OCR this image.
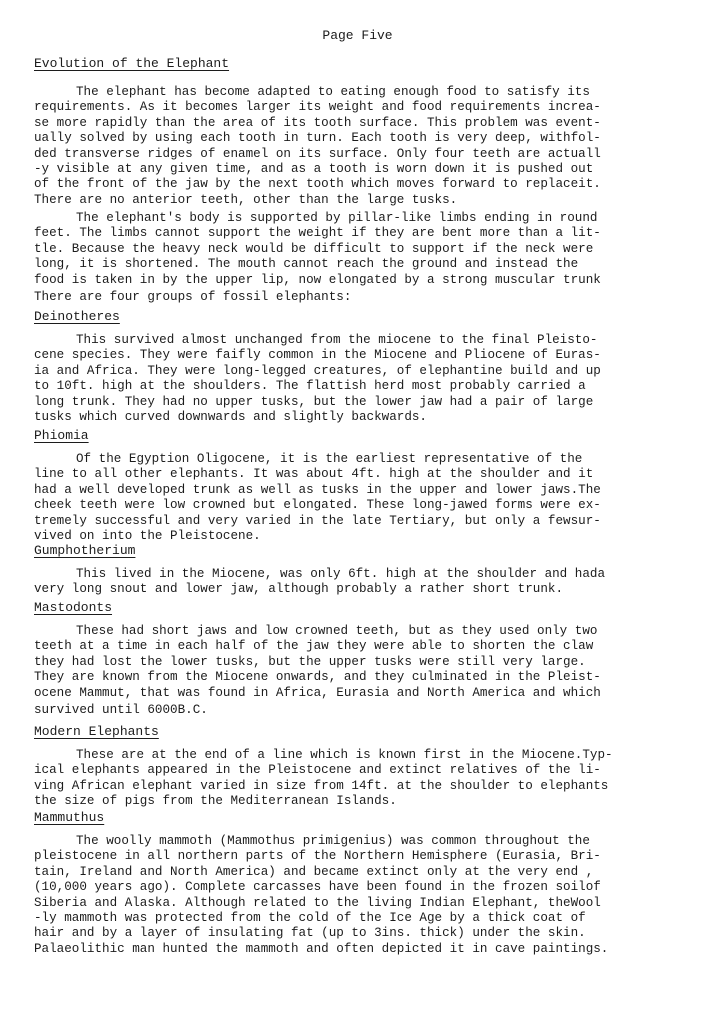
Page Five

Evolution of the Elephant
The elephant has become adapted to eating enough food to satisfy its
requirements. As it becomes larger its weight and food requirements increa-
se more rapidly than the area of its tooth surface. This problem was event-
ually solved by using each tooth in turn. Each tooth is very deep, withfol-
ded transverse ridges of enamel on its surface. Only four teeth are actuall
-y visible at any given time, and as a tooth is worn down it is pushed out
of the front of the jaw by the next tooth which moves forward to replaceit.
There are no anterior teeth, other than the large tusks.
The elephant's body is supported by pillar-like limbs ending in round
feet. The limbs cannot support the weight if they are bent more than a lit-
tle. Because the heavy neck would be difficult to support if the neck were
long, it is shortened. The mouth cannot reach the ground and instead the
food is taken in by the upper lip, now elongated by a strong muscular trunk
There are four groups of fossil elephants:
Deinotheres
This survived almost unchanged from the miocene to the final Pleisto-
cene species. They were faifly common in the Miocene and Pliocene of Euras-
ia and Africa. They were long-legged creatures, of elephantine build and up
to 10ft. high at the shoulders. The flattish herd most probably carried a
long trunk. They had no upper tusks, but the lower jaw had a pair of large
tusks which curved downwards and slightly backwards.
Phiomia
Of the Egyption Oligocene, it is the earliest representative of the
line to all other elephants. It was about 4ft. high at the shoulder and it
had a well developed trunk as well as tusks in the upper and lower jaws.The
cheek teeth were low crowned but elongated. These long-jawed forms were ex-
tremely successful and very varied in the late Tertiary, but only a fewsur-
vived on into the Pleistocene.
Gumphotherium
This lived in the Miocene, was only 6ft. high at the shoulder and hada
very long snout and lower jaw, although probably a rather short trunk.
Mastodonts
These had short jaws and low crowned teeth, but as they used only two
teeth at a time in each half of the jaw they were able to shorten the claw
they had lost the lower tusks, but the upper tusks were still very large.
They are known from the Miocene onwards, and they culminated in the Pleist-
ocene Mammut, that was found in Africa, Eurasia and North America and which
survived until 6000B.C.
Modern Elephants
These are at the end of a line which is known first in the Miocene.Typ-
ical elephants appeared in the Pleistocene and extinct relatives of the li-
ving African elephant varied in size from 14ft. at the shoulder to elephants
the size of pigs from the Mediterranean Islands.
Mammuthus
The woolly mammoth (Mammothus primigenius) was common throughout the
pleistocene in all northern parts of the Northern Hemisphere (Eurasia, Bri-
tain, Ireland and North America) and became extinct only at the very end ,
(10,000 years ago). Complete carcasses have been found in the frozen soilof
Siberia and Alaska. Although related to the living Indian Elephant, theWool
-ly mammoth was protected from the cold of the Ice Age by a thick coat of
hair and by a layer of insulating fat (up to 3ins. thick) under the skin.
Palaeolithic man hunted the mammoth and often depicted it in cave paintings.
